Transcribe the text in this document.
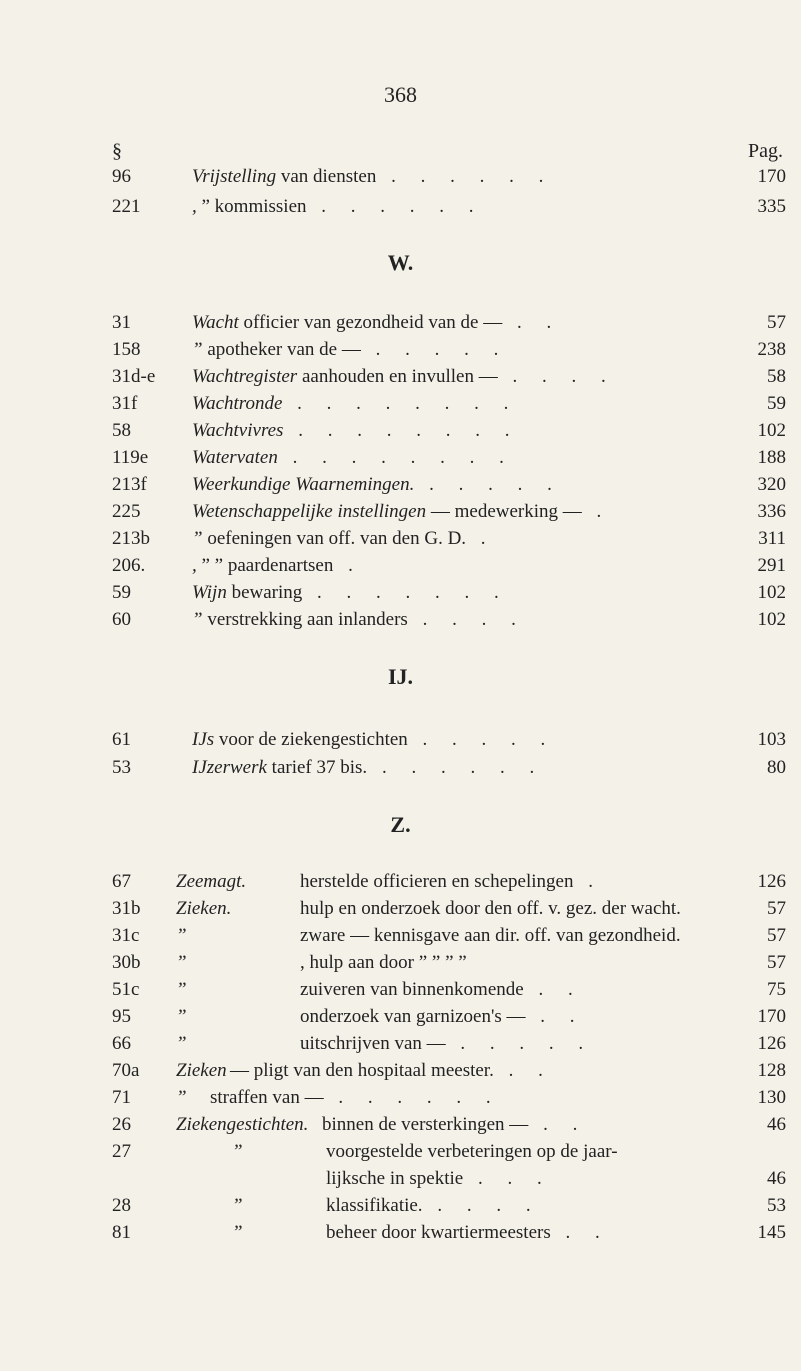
368
§	Pag.
96	Vrijstelling van diensten . . . . . .	170
221	, ” kommissien . . . . . .	335
W.
31	Wacht officier van gezondheid van de — . .	57
158	” apotheker van de — . . . . .	238
31d-e Wachtregister aanhouden en invullen — . . . .	58
31f	Wachtronde . . . . . . . .	59
58	Wachtvivres . . . . . . . .	102
119e Watervaten . . . . . . . .	188
213f Weerkundige Waarnemingen. . . . . .	320
225	Wetenschappelijke instellingen — medewerking — .	336
213b ” oefeningen van off. van den G. D. .	311
206. , ” ” paardenartsen .	291
59	Wijn bewaring . . . . . . .	102
60	” verstrekking aan inlanders . . . .	102
IJ.
61	IJs voor de ziekengestichten . . . . .	103
53	IJzerwerk tarief 37 bis. . . . . . .	80
Z.
67 Zeemagt.	herstelde officieren en schepelingen .	126
31b Zieken.	hulp en onderzoek door den off. v. gez. der wacht.	57
31c ”	zware — kennisgave aan dir. off. van gezondheid.	57
30b ”	, hulp aan door ” ” ” ”	57
51c ”	zuiveren van binnenkomende . .	75
95 ”	onderzoek van garnizoen's — . .	170
66 ”	uitschrijven van — . . . . .	126
70a Zieken — pligt van den hospitaal meester. . .	128
71 ” straffen van — . . . . . .	130
26 Ziekengestichten. binnen de versterkingen — . .	46
27	”	voorgestelde verbeteringen op de jaar-
lijksche in spektie . . .	46
28	”	klassifikatie. . . . .	53
81	”	beheer door kwartiermeesters . .	145
